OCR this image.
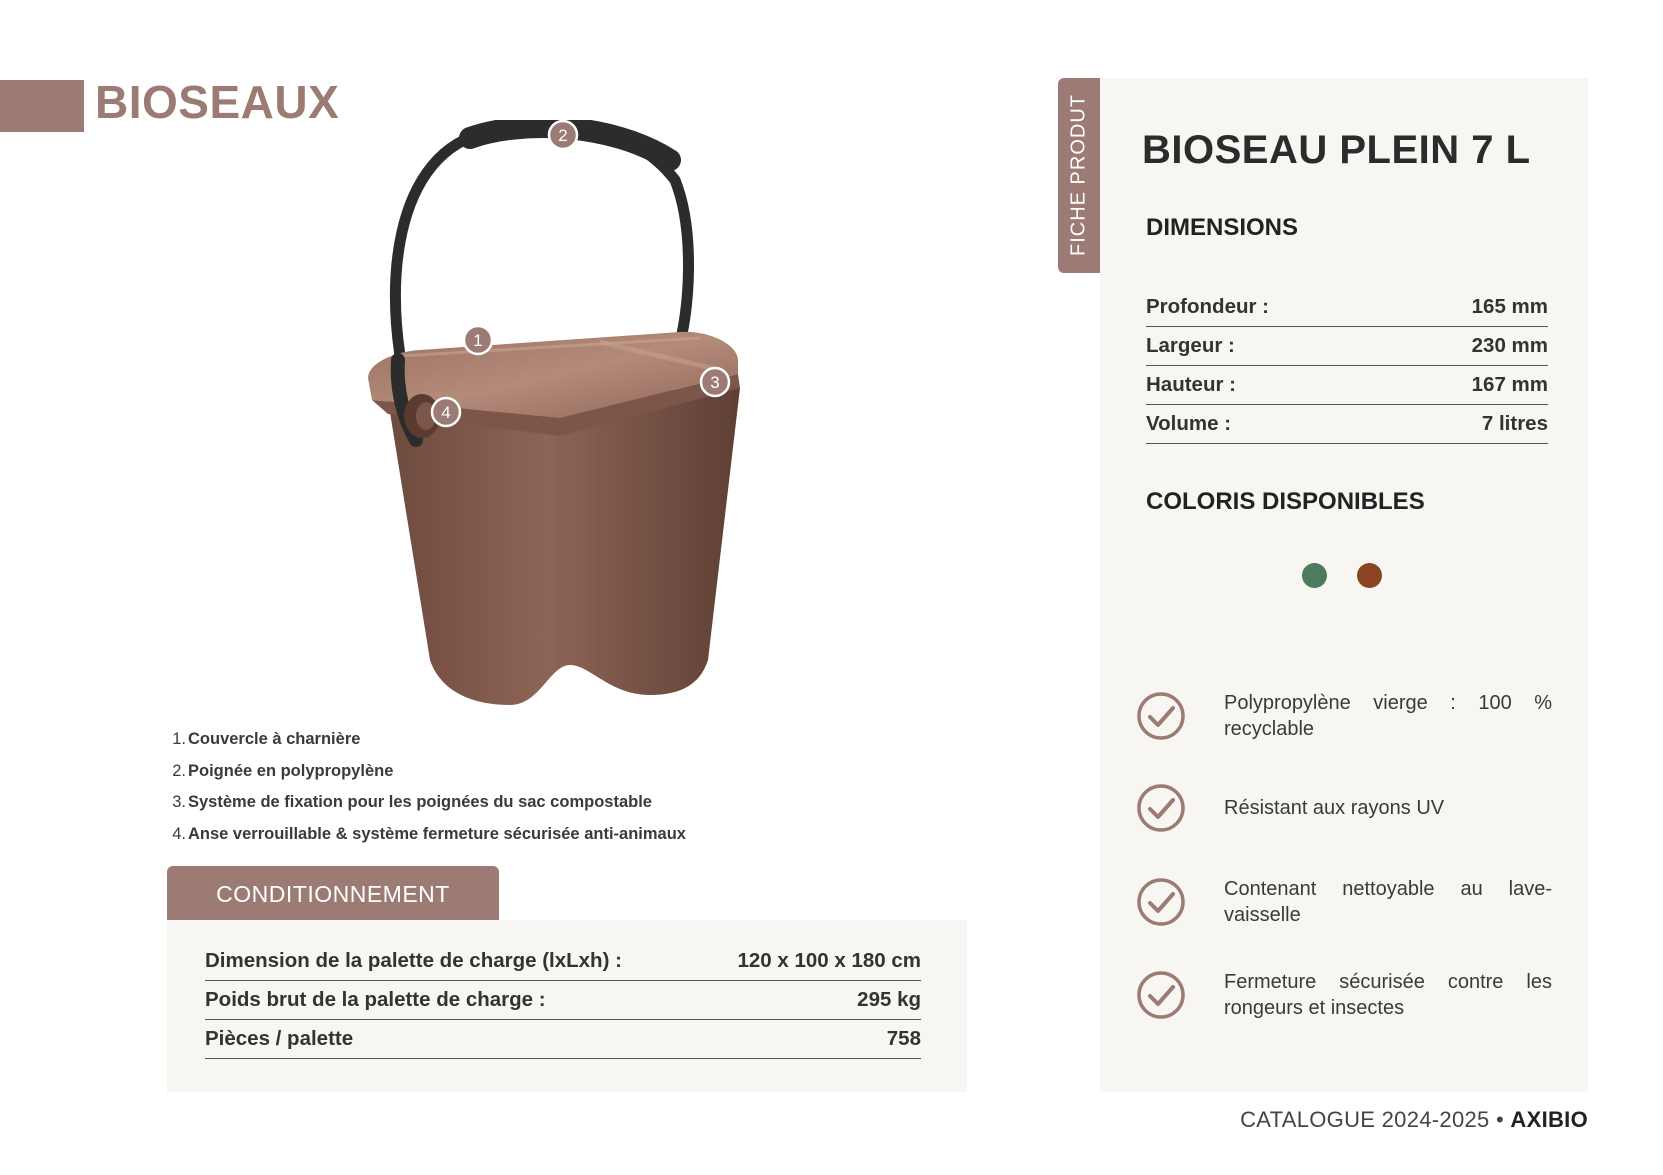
BIOSEAUX
1
2
3
4
1. Couvercle à charnière
2. Poignée en polypropylène
3. Système de fixation pour les poignées du sac compostable
4. Anse verrouillable & système fermeture sécurisée anti-animaux
CONDITIONNEMENT
Dimension de la palette de charge (lxLxh) :	120 x 100 x 180 cm
Poids brut de la palette de charge :	295 kg
Pièces / palette	758
FICHE PRODUT BIOSEAU PLEIN 7 L
DIMENSIONS
Profondeur :	165 mm
Largeur :	230 mm
Hauteur :	167 mm
Volume :	7 litres
COLORIS DISPONIBLES
Polypropylène vierge : 100 % recyclable
Résistant aux rayons UV
Contenant nettoyable au lave-vaisselle
Fermeture sécurisée contre les rongeurs et insectes
CATALOGUE 2024-2025 • AXIBIO
